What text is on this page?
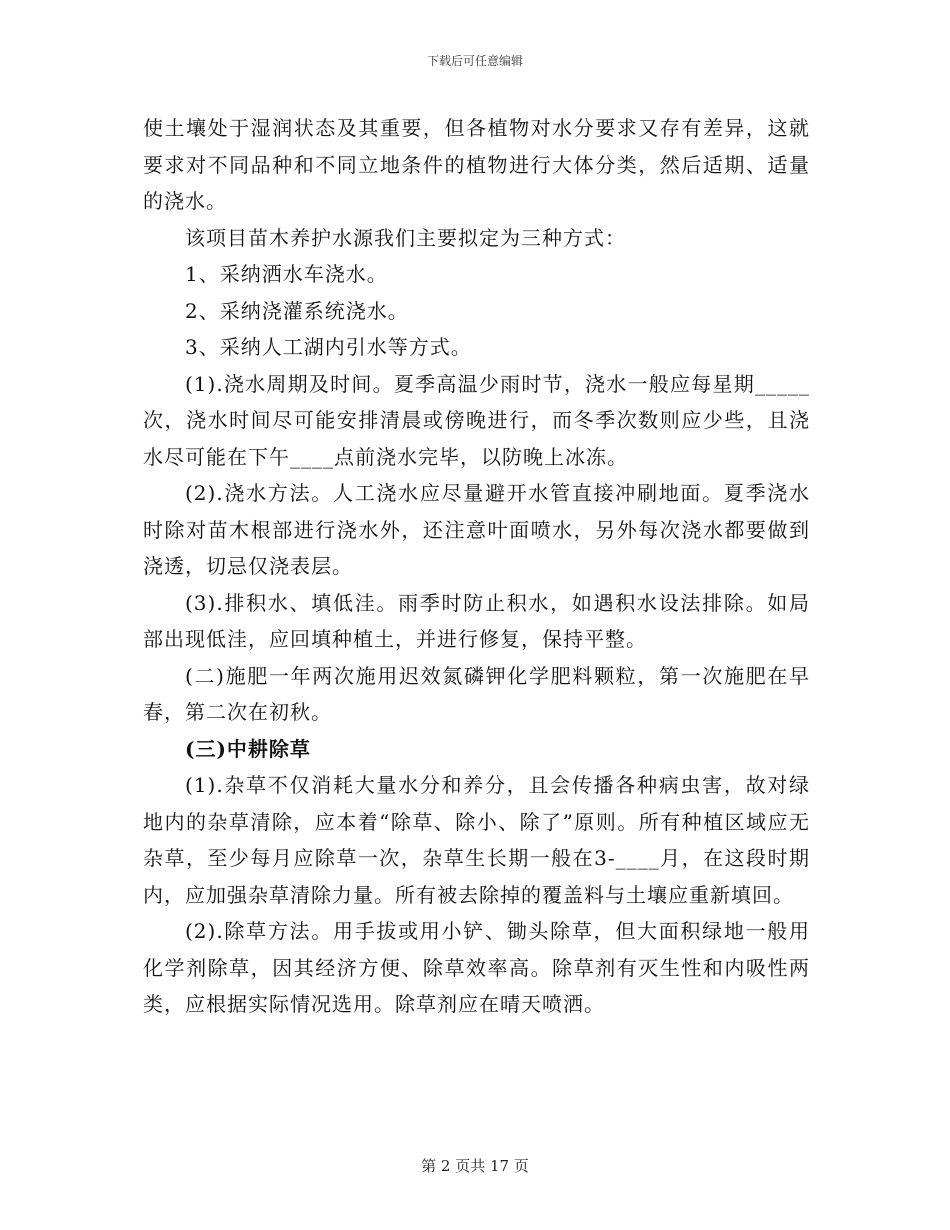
下载后可任意编辑

使土壤处于湿润状态及其重要，但各植物对水分要求又存有差异，这就要求对不同品种和不同立地条件的植物进行大体分类，然后适期、适量的浇水。

该项目苗木养护水源我们主要拟定为三种方式：

1、采纳洒水车浇水。

2、采纳浇灌系统浇水。

3、采纳人工湖内引水等方式。

(1).浇水周期及时间。夏季高温少雨时节，浇水一般应每星期_____次，浇水时间尽可能安排清晨或傍晚进行，而冬季次数则应少些，且浇水尽可能在下午____点前浇水完毕，以防晚上冰冻。

(2).浇水方法。人工浇水应尽量避开水管直接冲刷地面。夏季浇水时除对苗木根部进行浇水外，还注意叶面喷水，另外每次浇水都要做到浇透，切忌仅浇表层。

(3).排积水、填低洼。雨季时防止积水，如遇积水设法排除。如局部出现低洼，应回填种植土，并进行修复，保持平整。

(二)施肥一年两次施用迟效氮磷钾化学肥料颗粒，第一次施肥在早春，第二次在初秋。

(三)中耕除草

(1).杂草不仅消耗大量水分和养分，且会传播各种病虫害，故对绿地内的杂草清除，应本着“除草、除小、除了”原则。所有种植区域应无杂草，至少每月应除草一次，杂草生长期一般在3-____月，在这段时期内，应加强杂草清除力量。所有被去除掉的覆盖料与土壤应重新填回。

(2).除草方法。用手拔或用小铲、锄头除草，但大面积绿地一般用化学剂除草，因其经济方便、除草效率高。除草剂有灭生性和内吸性两类，应根据实际情况选用。除草剂应在晴天喷洒。

第 2 页共 17 页
